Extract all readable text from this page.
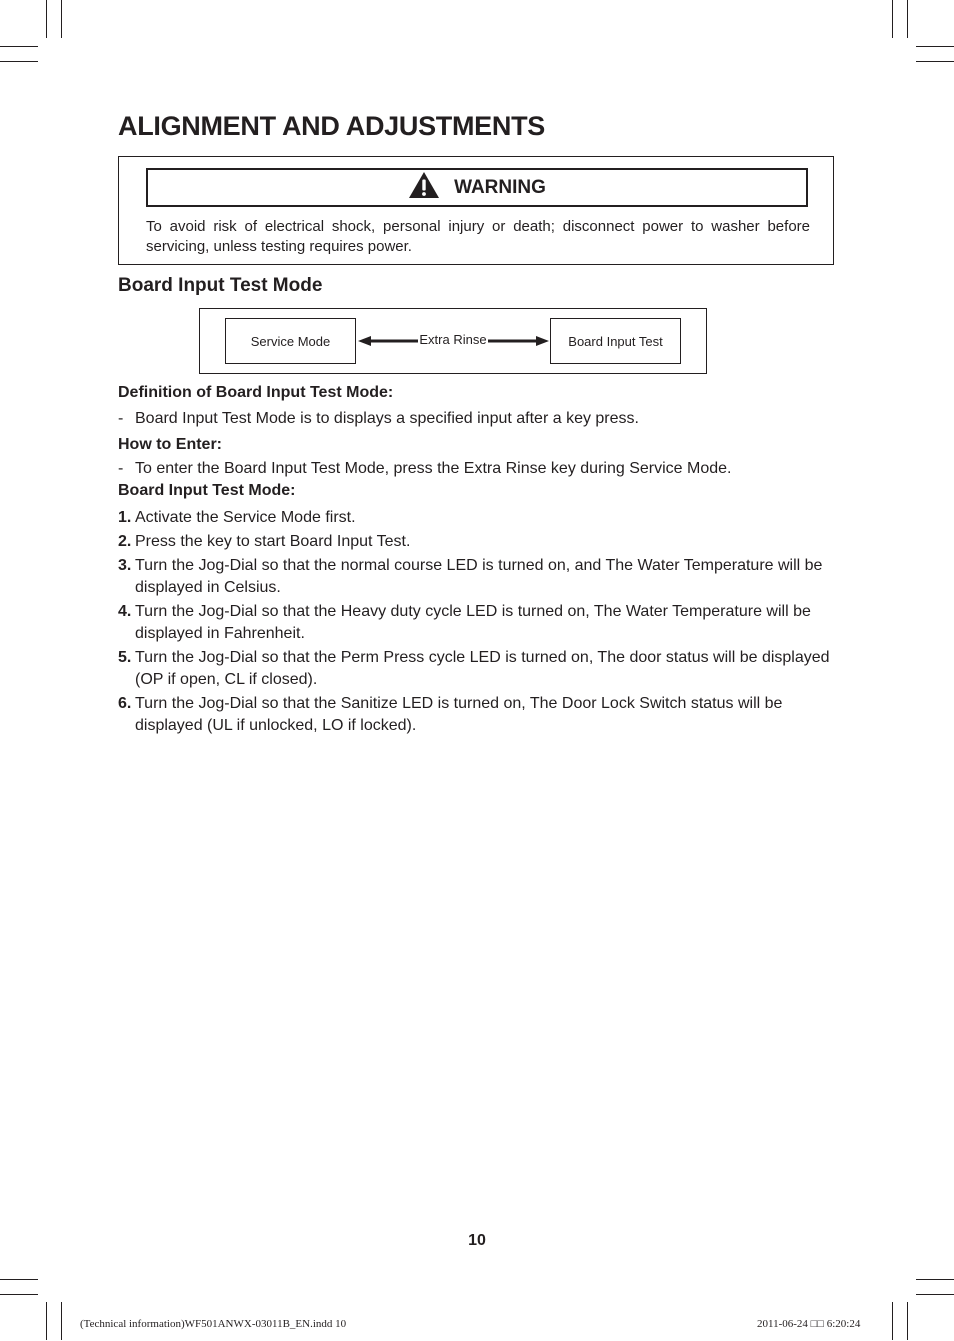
ALIGNMENT AND ADJUSTMENTS
WARNING
To avoid risk of electrical shock, personal injury or death; disconnect power to washer before servicing, unless testing requires power.
Board Input Test Mode
Service Mode	Extra Rinse	Board Input Test
Definition of Board Input Test Mode:
- Board Input Test Mode is to displays a specified input after a key press.
How to Enter:
- To enter the Board Input Test Mode, press the Extra Rinse key during Service Mode.
Board Input Test Mode:
1. Activate the Service Mode first.
2. Press the key to start Board Input Test.
3. Turn the Jog-Dial so that the normal course LED is turned on, and The Water Temperature will be displayed in Celsius.
4. Turn the Jog-Dial so that the Heavy duty cycle LED is turned on, The Water Temperature will be displayed in Fahrenheit.
5. Turn the Jog-Dial so that the Perm Press cycle LED is turned on, The door status will be displayed (OP if open, CL if closed).
6. Turn the Jog-Dial so that the Sanitize LED is turned on, The Door Lock Switch status will be displayed (UL if unlocked, LO if locked).
10
(Technical information)WF501ANWX-03011B_EN.indd 10	2011-06-24 □□ 6:20:24
